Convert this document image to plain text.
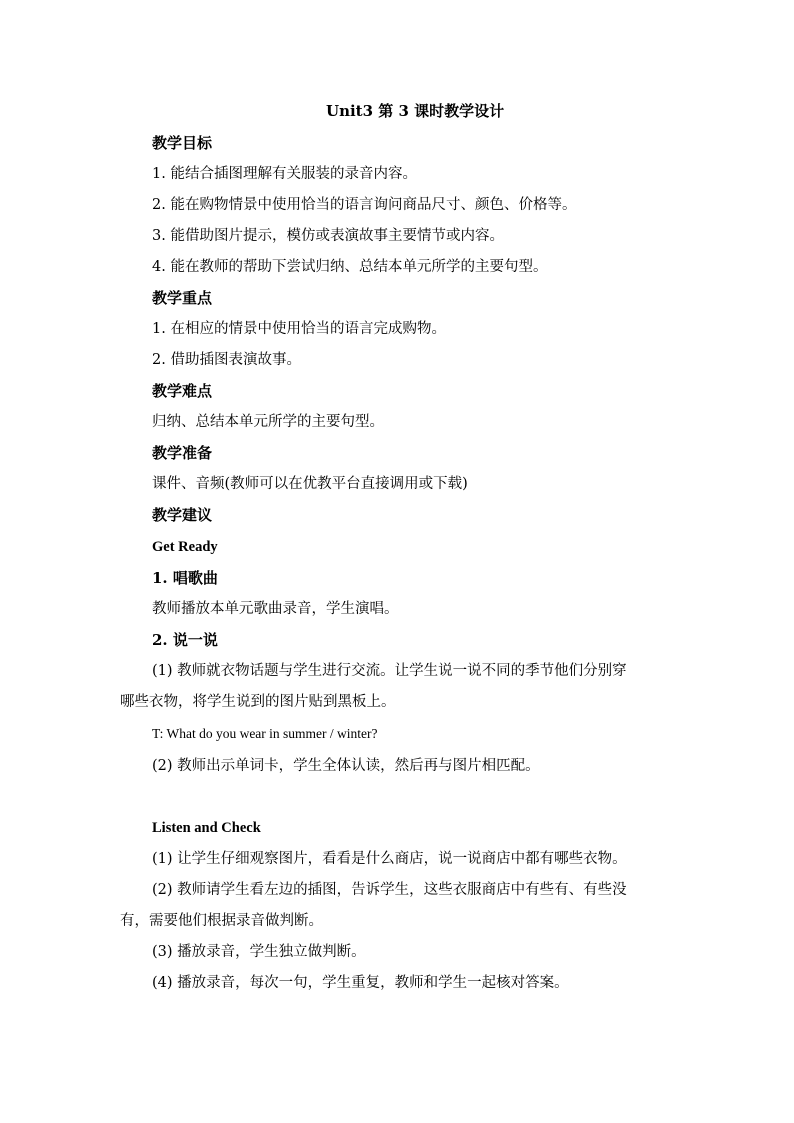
Unit3 第 3 课时教学设计
教学目标
1. 能结合插图理解有关服装的录音内容。
2. 能在购物情景中使用恰当的语言询问商品尺寸、颜色、价格等。
3. 能借助图片提示，模仿或表演故事主要情节或内容。
4. 能在教师的帮助下尝试归纳、总结本单元所学的主要句型。
教学重点
1. 在相应的情景中使用恰当的语言完成购物。
2. 借助插图表演故事。
教学难点
归纳、总结本单元所学的主要句型。
教学准备
课件、音频(教师可以在优教平台直接调用或下载)
教学建议
Get Ready
1. 唱歌曲
教师播放本单元歌曲录音，学生演唱。
2. 说一说
(1) 教师就衣物话题与学生进行交流。让学生说一说不同的季节他们分别穿
哪些衣物，将学生说到的图片贴到黑板上。
T: What do you wear in summer / winter?
(2) 教师出示单词卡，学生全体认读，然后再与图片相匹配。
Listen and Check
(1) 让学生仔细观察图片，看看是什么商店，说一说商店中都有哪些衣物。
(2) 教师请学生看左边的插图，告诉学生，这些衣服商店中有些有、有些没
有，需要他们根据录音做判断。
(3) 播放录音，学生独立做判断。
(4) 播放录音，每次一句，学生重复，教师和学生一起核对答案。
